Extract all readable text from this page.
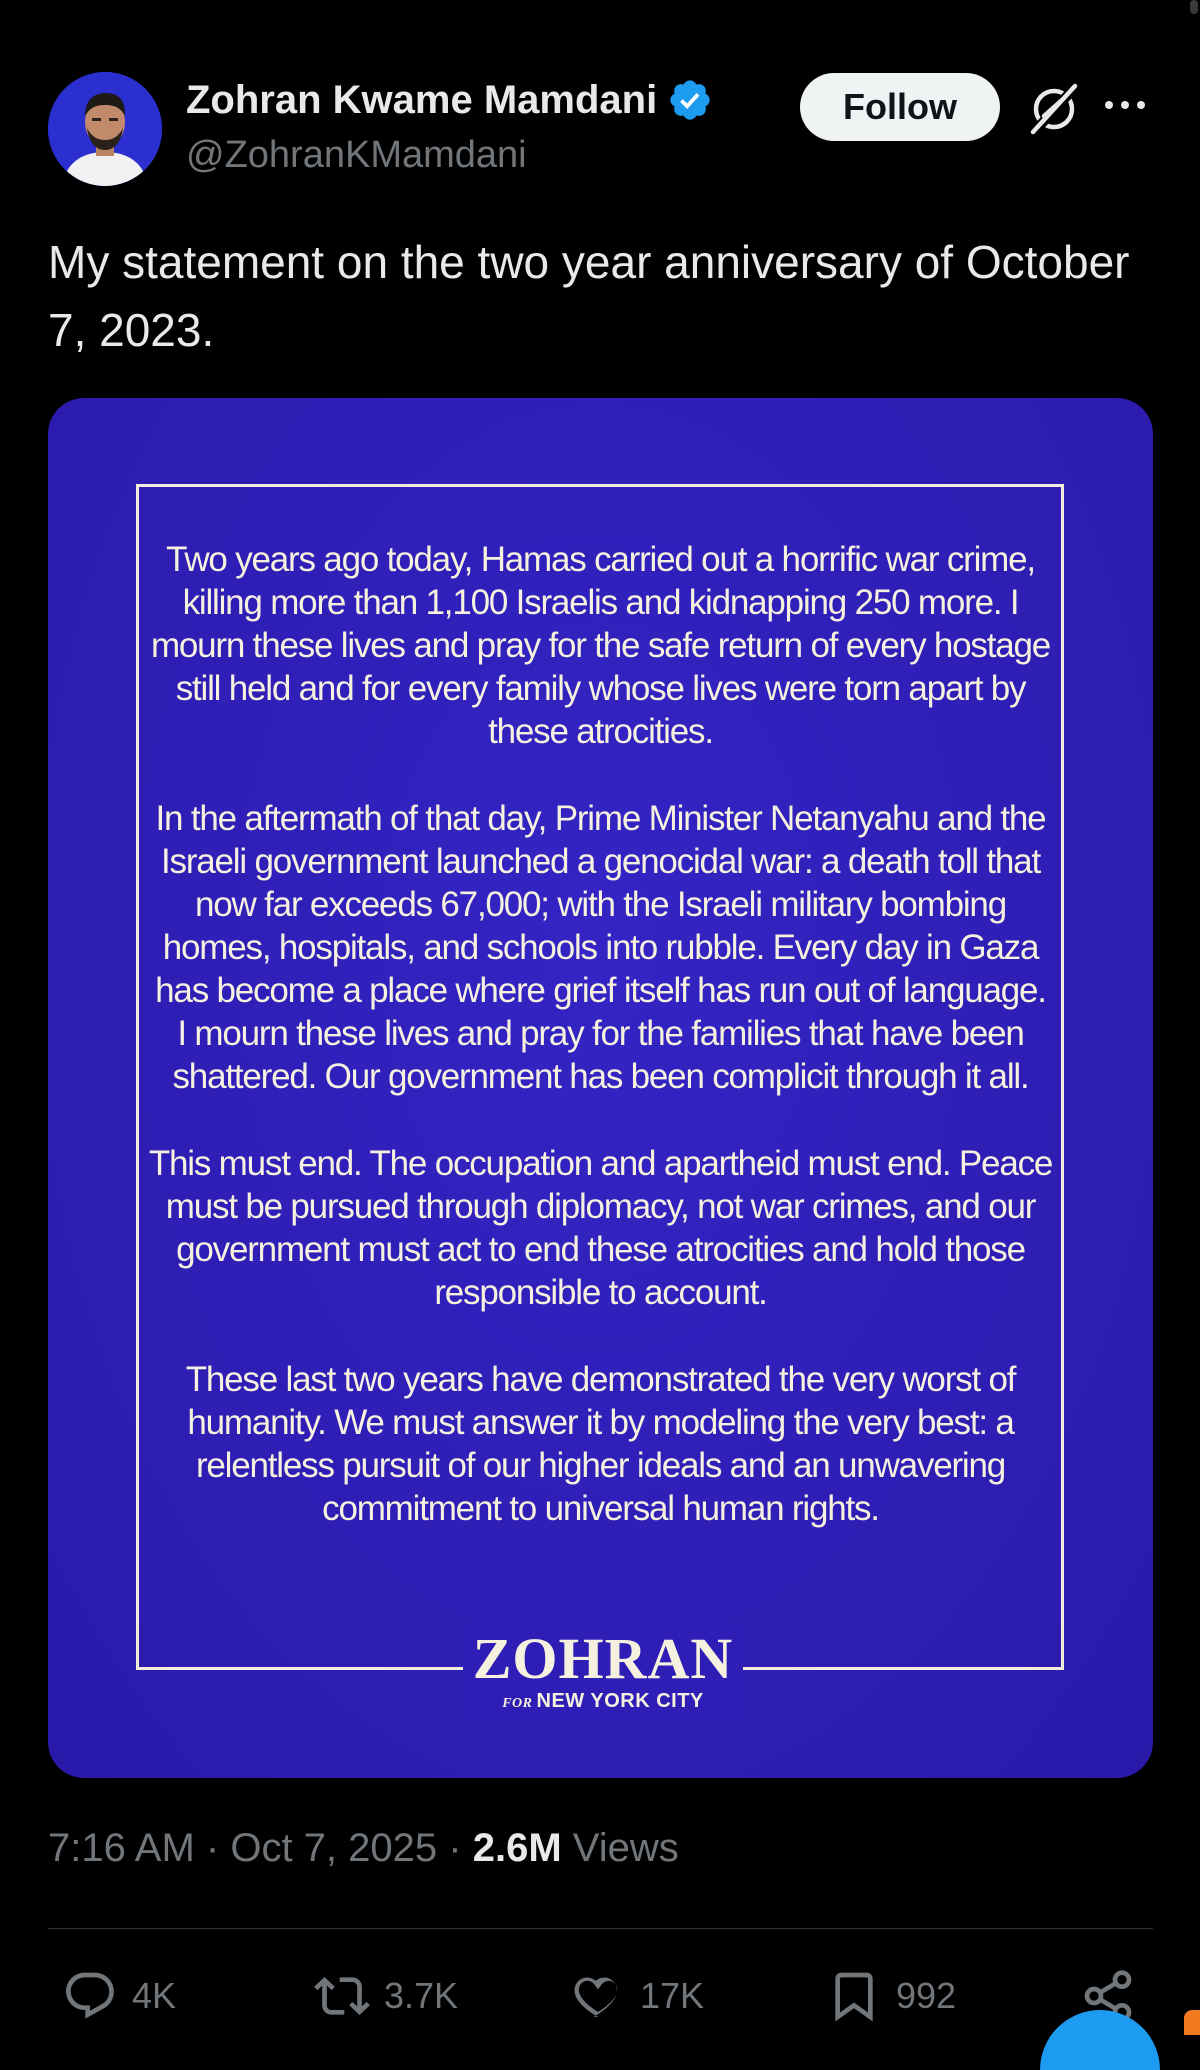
Zohran Kwame Mamdani
@ZohranKMamdani
Follow
My statement on the two year anniversary of October 7, 2023.

Two years ago today, Hamas carried out a horrific war crime, killing more than 1,100 Israelis and kidnapping 250 more. I mourn these lives and pray for the safe return of every hostage still held and for every family whose lives were torn apart by these atrocities.

In the aftermath of that day, Prime Minister Netanyahu and the Israeli government launched a genocidal war: a death toll that now far exceeds 67,000; with the Israeli military bombing homes, hospitals, and schools into rubble. Every day in Gaza has become a place where grief itself has run out of language. I mourn these lives and pray for the families that have been shattered. Our government has been complicit through it all.

This must end. The occupation and apartheid must end. Peace must be pursued through diplomacy, not war crimes, and our government must act to end these atrocities and hold those responsible to account.

These last two years have demonstrated the very worst of humanity. We must answer it by modeling the very best: a relentless pursuit of our higher ideals and an unwavering commitment to universal human rights.

ZOHRAN
FOR NEW YORK CITY
7:16 AM · Oct 7, 2025 · 2.6M Views
4K	3.7K	17K	992
